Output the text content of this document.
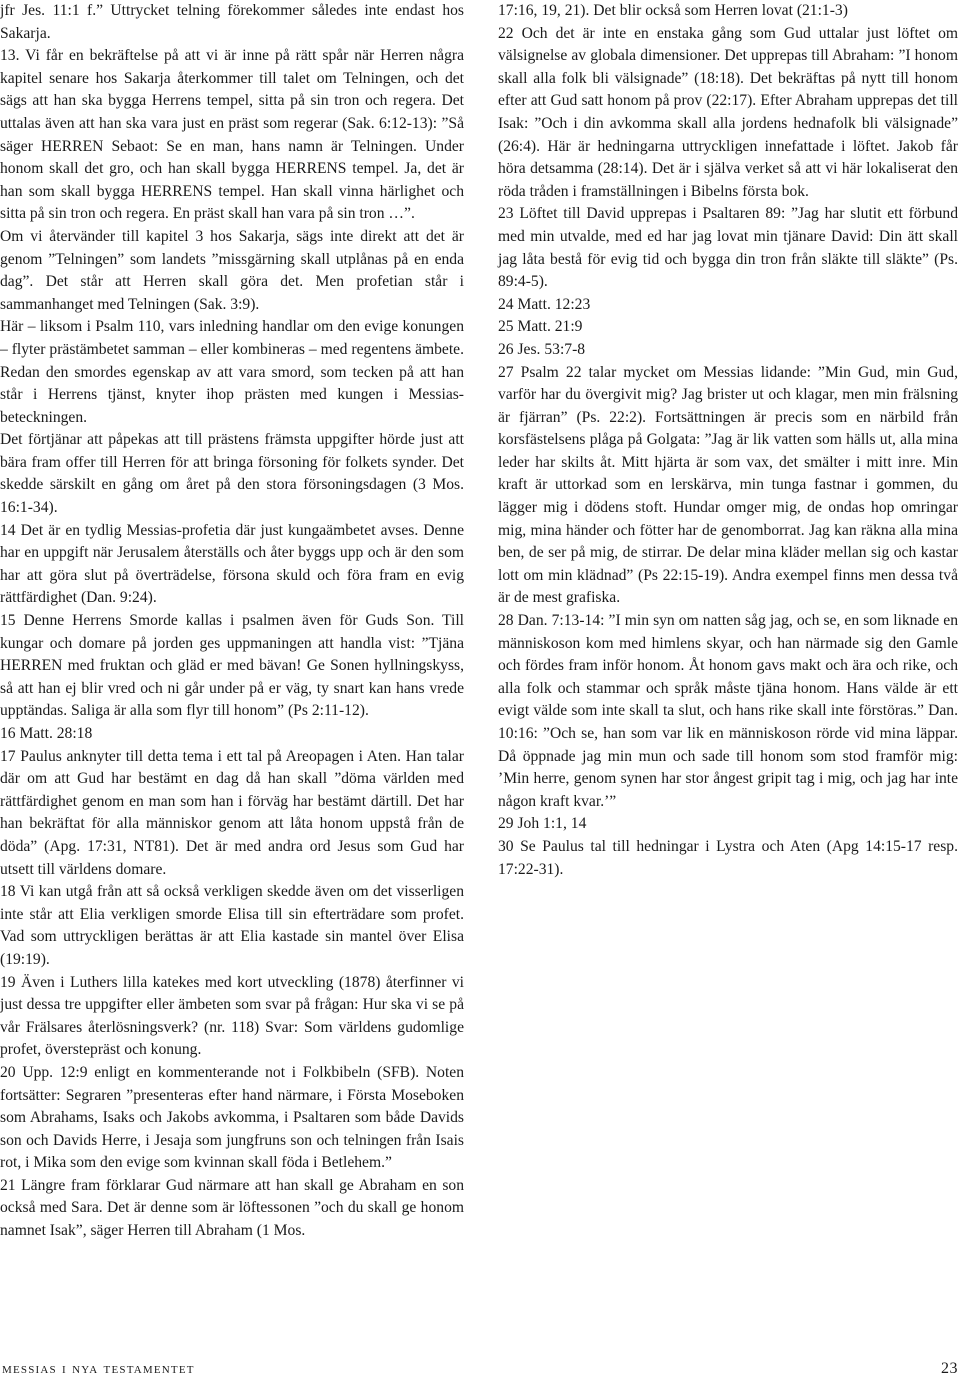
jfr Jes. 11:1 f.” Uttrycket telning förekommer således inte endast hos Sakarja.

13. Vi får en bekräftelse på att vi är inne på rätt spår när Herren några kapitel senare hos Sakarja återkommer till talet om Telningen, och det sägs att han ska bygga Herrens tempel, sitta på sin tron och regera. Det uttalas även att han ska vara just en präst som regerar (Sak. 6:12-13): ”Så säger HERREN Sebaot: Se en man, hans namn är Telningen. Under honom skall det gro, och han skall bygga HERRENS tempel. Ja, det är han som skall bygga HERRENS tempel. Han skall vinna härlighet och sitta på sin tron och regera. En präst skall han vara på sin tron …”.

Om vi återvänder till kapitel 3 hos Sakarja, sägs inte direkt att det är genom ”Telningen” som landets ”missgärning skall utplånas på en enda dag”. Det står att Herren skall göra det. Men profetian står i sammanhanget med Telningen (Sak. 3:9).

Här – liksom i Psalm 110, vars inledning handlar om den evige konungen – flyter prästämbetet samman – eller kombineras – med regentens ämbete. Redan den smordes egenskap av att vara smord, som tecken på att han står i Herrens tjänst, knyter ihop prästen med kungen i Messias-beteckningen.

Det förtjänar att påpekas att till prästens främsta uppgifter hörde just att bära fram offer till Herren för att bringa försoning för folkets synder. Det skedde särskilt en gång om året på den stora försoningsdagen (3 Mos. 16:1-34).

14 Det är en tydlig Messias-profetia där just kungaämbetet avses. Denne har en uppgift när Jerusalem återställs och åter byggs upp och är den som har att göra slut på överträdelse, försona skuld och föra fram en evig rättfärdighet (Dan. 9:24).

15 Denne Herrens Smorde kallas i psalmen även för Guds Son. Till kungar och domare på jorden ges uppmaningen att handla vist: ”Tjäna HERREN med fruktan och gläd er med bävan! Ge Sonen hyllningskyss, så att han ej blir vred och ni går under på er väg, ty snart kan hans vrede upptändas. Saliga är alla som flyr till honom” (Ps 2:11-12).

16 Matt. 28:18

17 Paulus anknyter till detta tema i ett tal på Areopagen i Aten. Han talar där om att Gud har bestämt en dag då han skall ”döma världen med rättfärdighet genom en man som han i förväg har bestämt därtill. Det har han bekräftat för alla människor genom att låta honom uppstå från de döda” (Apg. 17:31, NT81). Det är med andra ord Jesus som Gud har utsett till världens domare.

18 Vi kan utgå från att så också verkligen skedde även om det visserligen inte står att Elia verkligen smorde Elisa till sin efterträdare som profet. Vad som uttryckligen berättas är att Elia kastade sin mantel över Elisa (19:19).

19 Även i Luthers lilla katekes med kort utveckling (1878) återfinner vi just dessa tre uppgifter eller ämbeten som svar på frågan: Hur ska vi se på vår Frälsares återlösningsverk? (nr. 118) Svar: Som världens gudomlige profet, överstepräst och konung.

20 Upp. 12:9 enligt en kommenterande not i Folkbibeln (SFB). Noten fortsätter: Segraren ”presenteras efter hand närmare, i Första Moseboken som Abrahams, Isaks och Jakobs avkomma, i Psaltaren som både Davids son och Davids Herre, i Jesaja som jungfruns son och telningen från Isais rot, i Mika som den evige som kvinnan skall föda i Betlehem.”

21 Längre fram förklarar Gud närmare att han skall ge Abraham en son också med Sara. Det är denne som är löftessonen ”och du skall ge honom namnet Isak”, säger Herren till Abraham (1 Mos.

17:16, 19, 21). Det blir också som Herren lovat (21:1-3)

22 Och det är inte en enstaka gång som Gud uttalar just löftet om välsignelse av globala dimensioner. Det upprepas till Abraham: ”I honom skall alla folk bli välsignade” (18:18). Det bekräftas på nytt till honom efter att Gud satt honom på prov (22:17). Efter Abraham upprepas det till Isak: ”Och i din avkomma skall alla jordens hednafolk bli välsignade” (26:4). Här är hedningarna uttryckligen innefattade i löftet. Jakob får höra detsamma (28:14). Det är i själva verket så att vi här lokaliserat den röda tråden i framställningen i Bibelns första bok.

23 Löftet till David upprepas i Psaltaren 89: ”Jag har slutit ett förbund med min utvalde, med ed har jag lovat min tjänare David: Din ätt skall jag låta bestå för evig tid och bygga din tron från släkte till släkte” (Ps. 89:4-5).

24 Matt. 12:23

25 Matt. 21:9

26 Jes. 53:7-8

27 Psalm 22 talar mycket om Messias lidande: ”Min Gud, min Gud, varför har du övergivit mig? Jag brister ut och klagar, men min frälsning är fjärran” (Ps. 22:2). Fortsättningen är precis som en närbild från korsfästelsens plåga på Golgata: ”Jag är lik vatten som hälls ut, alla mina leder har skilts åt. Mitt hjärta är som vax, det smälter i mitt inre. Min kraft är uttorkad som en lerskärva, min tunga fastnar i gommen, du lägger mig i dödens stoft. Hundar omger mig, de ondas hop omringar mig, mina händer och fötter har de genomborrat. Jag kan räkna alla mina ben, de ser på mig, de stirrar. De delar mina kläder mellan sig och kastar lott om min klädnad” (Ps 22:15-19). Andra exempel finns men dessa två är de mest grafiska.

28 Dan. 7:13-14: ”I min syn om natten såg jag, och se, en som liknade en människoson kom med himlens skyar, och han närmade sig den Gamle och fördes fram inför honom. Åt honom gavs makt och ära och rike, och alla folk och stammar och språk måste tjäna honom. Hans välde är ett evigt välde som inte skall ta slut, och hans rike skall inte förstöras.” Dan. 10:16: ”Och se, han som var lik en människoson rörde vid mina läppar. Då öppnade jag min mun och sade till honom som stod framför mig: ’Min herre, genom synen har stor ångest gripit tag i mig, och jag har inte någon kraft kvar.’”

29 Joh 1:1, 14

30 Se Paulus tal till hedningar i Lystra och Aten (Apg 14:15-17 resp. 17:22-31).

messias i nya testamentet	23
